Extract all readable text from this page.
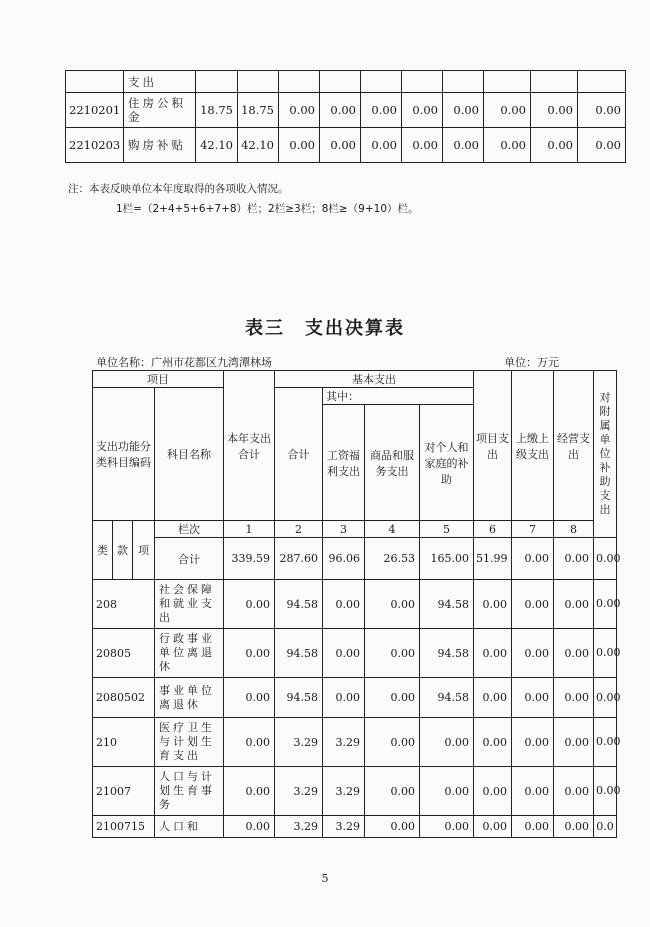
	支出										
2210201	住房公积金	18.75	18.75	0.00	0.00	0.00	0.00	0.00	0.00	0.00	0.00
2210203	购房补贴	42.10	42.10	0.00	0.00	0.00	0.00	0.00	0.00	0.00	0.00
注：本表反映单位本年度取得的各项收入情况。
1栏=（2+4+5+6+7+8）栏；2栏≥3栏；8栏≥（9+10）栏。
表三 支出决算表
单位名称：广州市花都区九湾潭林场	单位：万元
项目				本年支出合计	基本支出				项目支出	上缴上级支出	经营支出	对附属单位补助支出	
支出功能分类科目编码			科目名称		合计	其中：							
						工资福利支出	商品和服务支出	对个人和家庭的补助					
类	款	项	栏次	1	2	3	4	5	6	7	8	
			合计	339.59	287.60	96.06	26.53	165.00	51.99	0.00	0.00	0.00	
208			社会保障和就业支出	0.00	94.58	0.00	0.00	94.58	0.00	0.00	0.00	0.00	
20805			行政事业单位离退休	0.00	94.58	0.00	0.00	94.58	0.00	0.00	0.00	0.00	
2080502			事业单位离退休	0.00	94.58	0.00	0.00	94.58	0.00	0.00	0.00	0.00	
210			医疗卫生与计划生育支出	0.00	3.29	3.29	0.00	0.00	0.00	0.00	0.00	0.00	
21007			人口与计划生育事务	0.00	3.29	3.29	0.00	0.00	0.00	0.00	0.00	0.00	
2100715			人口和	0.00	3.29	3.29	0.00	0.00	0.00	0.00	0.00	0.0	
5
